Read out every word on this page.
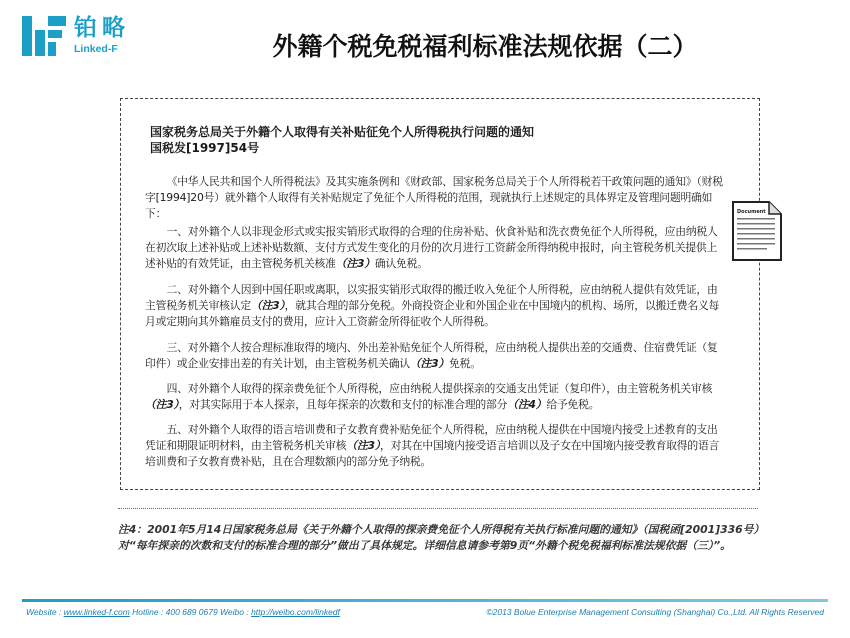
铂略
Linked-F	外籍个税免税福利标准法规依据（二）
Document
国家税务总局关于外籍个人取得有关补贴征免个人所得税执行问题的通知
国税发[1997]54号
《中华人民共和国个人所得税法》及其实施条例和《财政部、国家税务总局关于个人所得税若干政策问题的通知》（财税字[1994]20号）就外籍个人取得有关补贴规定了免征个人所得税的范围，现就执行上述规定的具体界定及管理问题明确如下：
一、对外籍个人以非现金形式或实报实销形式取得的合理的住房补贴、伙食补贴和洗衣费免征个人所得税，应由纳税人在初次取上述补贴或上述补贴数额、支付方式发生变化的月份的次月进行工资薪金所得纳税申报时，向主管税务机关提供上述补贴的有效凭证，由主管税务机关核准（注3）确认免税。
二、对外籍个人因到中国任职或离职，以实报实销形式取得的搬迁收入免征个人所得税，应由纳税人提供有效凭证，由主管税务机关审核认定（注3），就其合理的部分免税。外商投资企业和外国企业在中国境内的机构、场所，以搬迁费名义每月或定期向其外籍雇员支付的费用，应计入工资薪金所得征收个人所得税。
三、对外籍个人按合理标准取得的境内、外出差补贴免征个人所得税，应由纳税人提供出差的交通费、住宿费凭证（复印件）或企业安排出差的有关计划，由主管税务机关确认（注3）免税。
四、对外籍个人取得的探亲费免征个人所得税，应由纳税人提供探亲的交通支出凭证（复印件），由主管税务机关审核（注3），对其实际用于本人探亲，且每年探亲的次数和支付的标准合理的部分（注4）给予免税。
五、对外籍个人取得的语言培训费和子女教育费补贴免征个人所得税，应由纳税人提供在中国境内接受上述教育的支出凭证和期限证明材料，由主管税务机关审核（注3），对其在中国境内接受语言培训以及子女在中国境内接受教育取得的语言培训费和子女教育费补贴，且在合理数额内的部分免予纳税。
注4：2001年5月14日国家税务总局《关于外籍个人取得的探亲费免征个人所得税有关执行标准问题的通知》（国税函[2001]336号）对“每年探亲的次数和支付的标准合理的部分”做出了具体规定。详细信息请参考第9页“外籍个税免税福利标准法规依据（三）”。
Website : www.linked-f.com Hotline : 400 689 0679 Weibo : http://weibo.com/linkedf	©2013 Bolue Enterprise Management Consulting (Shanghai) Co.,Ltd. All Rights Reserved
